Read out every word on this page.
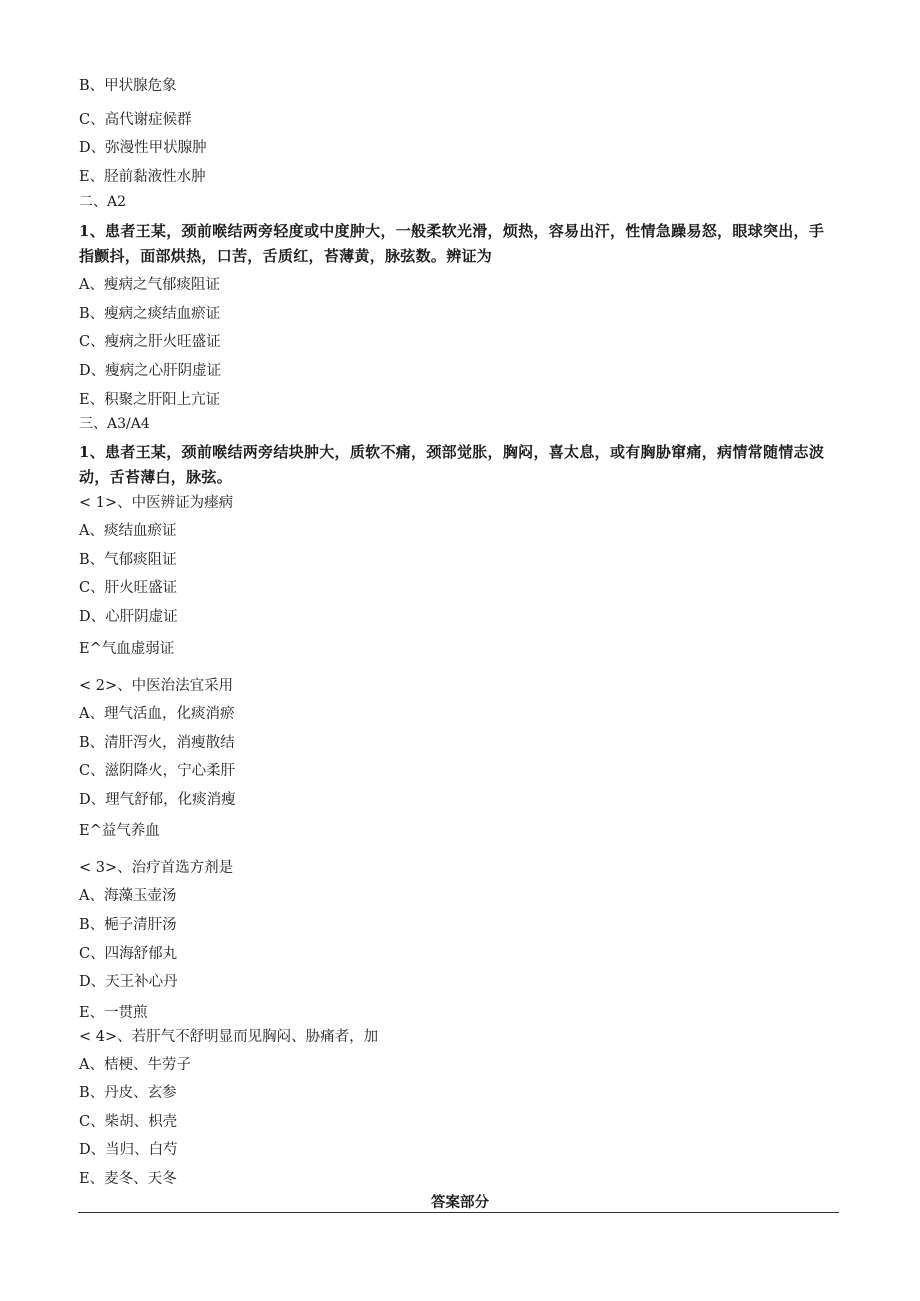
B、甲状腺危象

C、高代谢症候群

D、弥漫性甲状腺肿

E、胫前黏液性水肿

二、A2

1、患者王某，颈前喉结两旁轻度或中度肿大，一般柔软光滑，烦热，容易出汗，性情急躁易怒，眼球突出，手指颤抖，面部烘热，口苦，舌质红，苔薄黄，脉弦数。辨证为

A、瘦病之气郁痰阻证

B、瘦病之痰结血瘀证

C、瘦病之肝火旺盛证

D、瘦病之心肝阴虚证

E、积聚之肝阳上亢证

三、A3/A4

1、患者王某，颈前喉结两旁结块肿大，质软不痛，颈部觉胀，胸闷，喜太息，或有胸胁窜痛，病情常随情志波动，舌苔薄白，脉弦。

< 1>、中医辨证为瘗病

A、痰结血瘀证

B、气郁痰阻证

C、肝火旺盛证

D、心肝阴虚证

E^气血虚弱证

< 2>、中医治法宜采用

A、理气活血，化痰消瘀

B、清肝泻火，消瘦散结

C、滋阴降火，宁心柔肝

D、理气舒郁，化痰消瘦

E^益气养血

< 3>、治疗首选方剂是

A、海藻玉壶汤

B、梔子清肝汤

C、四海舒郁丸

D、天王补心丹

E、一贯煎

< 4>、若肝气不舒明显而见胸闷、胁痛者，加

A、桔梗、牛劳子

B、丹皮、玄参

C、柴胡、枳壳

D、当归、白芍

E、麦冬、天冬

答案部分
